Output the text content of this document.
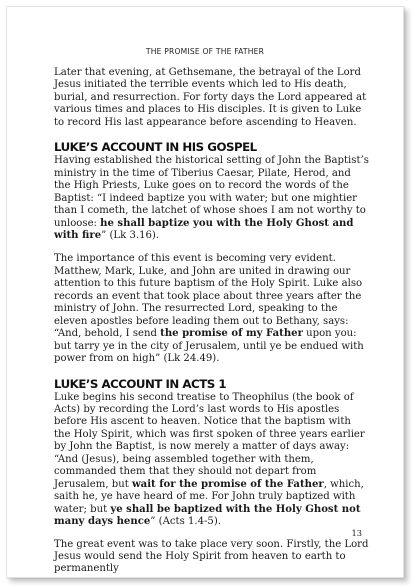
THE PROMISE OF THE FATHER

Later that evening, at Gethsemane, the betrayal of the Lord Jesus initiated the terrible events which led to His death, burial, and resurrection. For forty days the Lord appeared at various times and places to His disciples. It is given to Luke to record His last appearance before ascending to Heaven.

LUKE’S ACCOUNT IN HIS GOSPEL

Having established the historical setting of John the Baptist’s ministry in the time of Tiberius Caesar, Pilate, Herod, and the High Priests, Luke goes on to record the words of the Baptist: “I indeed baptize you with water; but one mightier than I cometh, the latchet of whose shoes I am not worthy to unloose: he shall baptize you with the Holy Ghost and with fire” (Lk 3.16).

The importance of this event is becoming very evident. Matthew, Mark, Luke, and John are united in drawing our attention to this future baptism of the Holy Spirit. Luke also records an event that took place about three years after the ministry of John. The resurrected Lord, speaking to the eleven apostles before leading them out to Bethany, says: “And, behold, I send the promise of my Father upon you: but tarry ye in the city of Jerusalem, until ye be endued with power from on high” (Lk 24.49).

LUKE’S ACCOUNT IN ACTS 1

Luke begins his second treatise to Theophilus (the book of Acts) by recording the Lord’s last words to His apostles before His ascent to heaven. Notice that the baptism with the Holy Spirit, which was first spoken of three years earlier by John the Baptist, is now merely a matter of days away: “And (Jesus), being assembled together with them, commanded them that they should not depart from Jerusalem, but wait for the promise of the Father, which, saith he, ye have heard of me. For John truly baptized with water; but ye shall be baptized with the Holy Ghost not many days hence” (Acts 1.4-5).

The great event was to take place very soon. Firstly, the Lord Jesus would send the Holy Spirit from heaven to earth to permanently

13
